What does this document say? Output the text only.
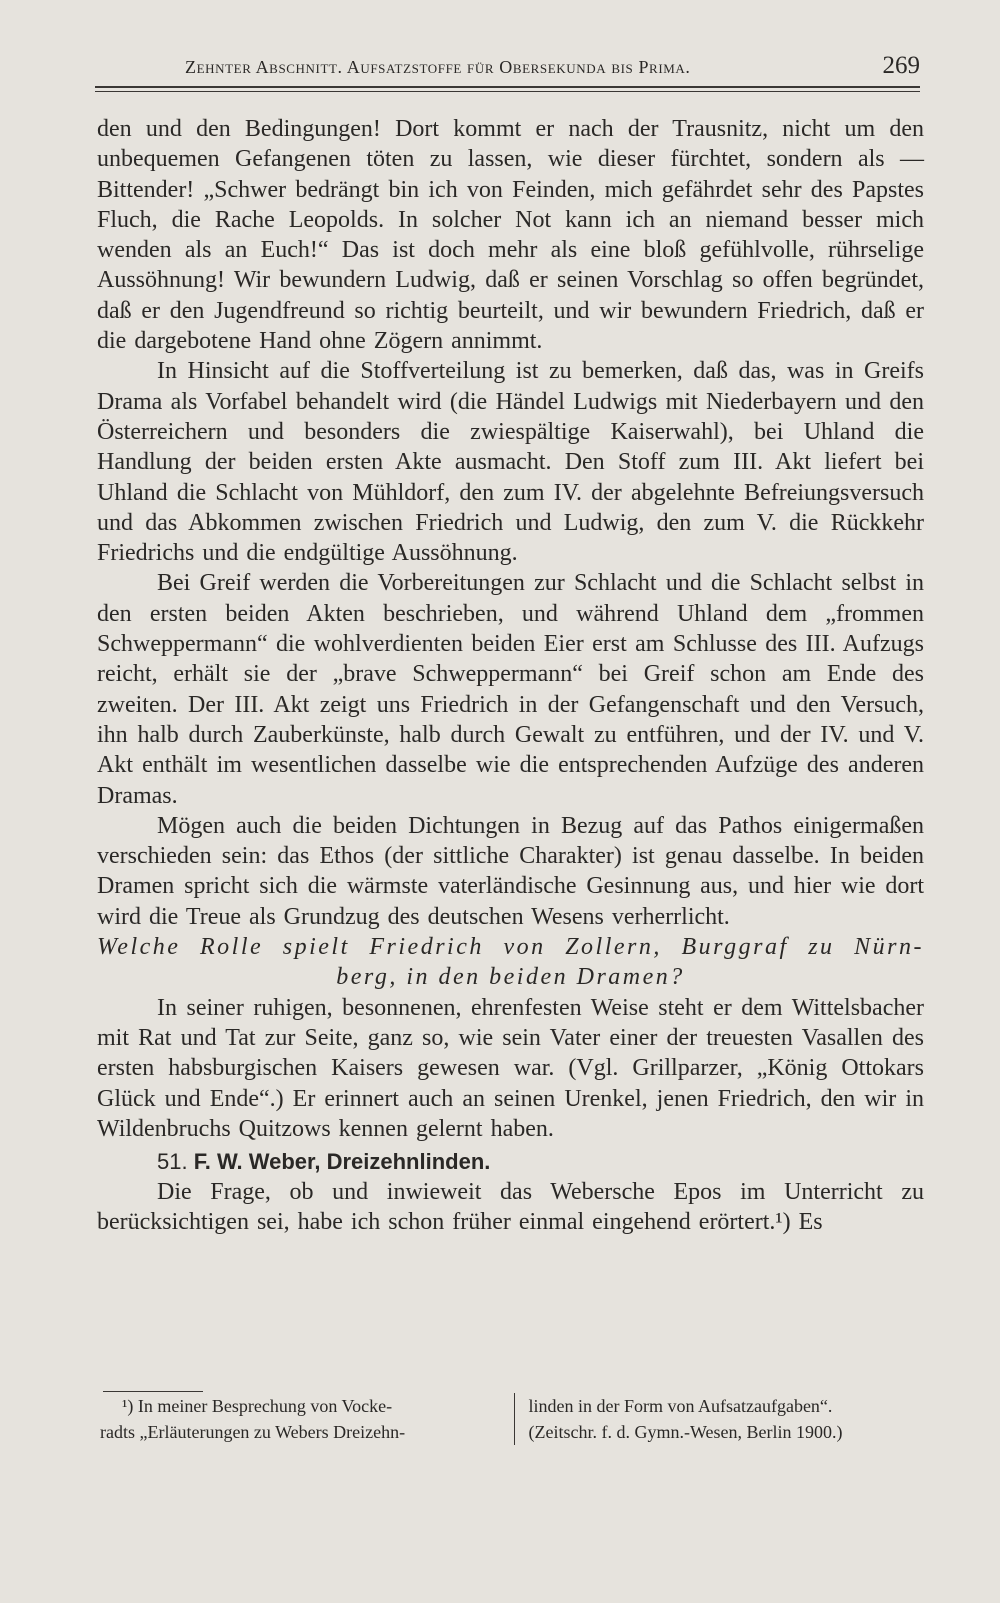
Zehnter Abschnitt. Aufsatzstoffe für Obersekunda bis Prima.	269

den und den Bedingungen! Dort kommt er nach der Trausnitz, nicht um den unbequemen Gefangenen töten zu lassen, wie dieser fürchtet, sondern als — Bittender! „Schwer bedrängt bin ich von Feinden, mich gefährdet sehr des Papstes Fluch, die Rache Leopolds. In solcher Not kann ich an niemand besser mich wenden als an Euch!“ Das ist doch mehr als eine bloß gefühlvolle, rührselige Aussöhnung! Wir bewundern Ludwig, daß er seinen Vorschlag so offen begründet, daß er den Jugendfreund so richtig beurteilt, und wir bewundern Friedrich, daß er die dargebotene Hand ohne Zögern annimmt.

In Hinsicht auf die Stoffverteilung ist zu bemerken, daß das, was in Greifs Drama als Vorfabel behandelt wird (die Händel Ludwigs mit Niederbayern und den Österreichern und besonders die zwiespältige Kaiserwahl), bei Uhland die Handlung der beiden ersten Akte ausmacht. Den Stoff zum III. Akt liefert bei Uhland die Schlacht von Mühldorf, den zum IV. der abgelehnte Befreiungsversuch und das Abkommen zwischen Friedrich und Ludwig, den zum V. die Rückkehr Friedrichs und die endgültige Aussöhnung.

Bei Greif werden die Vorbereitungen zur Schlacht und die Schlacht selbst in den ersten beiden Akten beschrieben, und während Uhland dem „frommen Schweppermann“ die wohlverdienten beiden Eier erst am Schlusse des III. Aufzugs reicht, erhält sie der „brave Schweppermann“ bei Greif schon am Ende des zweiten. Der III. Akt zeigt uns Friedrich in der Gefangenschaft und den Versuch, ihn halb durch Zauberkünste, halb durch Gewalt zu entführen, und der IV. und V. Akt enthält im wesentlichen dasselbe wie die entsprechenden Aufzüge des anderen Dramas.

Mögen auch die beiden Dichtungen in Bezug auf das Pathos einigermaßen verschieden sein: das Ethos (der sittliche Charakter) ist genau dasselbe. In beiden Dramen spricht sich die wärmste vaterländische Gesinnung aus, und hier wie dort wird die Treue als Grundzug des deutschen Wesens verherrlicht.

Welche Rolle spielt Friedrich von Zollern, Burggraf zu Nürn-
berg, in den beiden Dramen?

In seiner ruhigen, besonnenen, ehrenfesten Weise steht er dem Wittelsbacher mit Rat und Tat zur Seite, ganz so, wie sein Vater einer der treuesten Vasallen des ersten habsburgischen Kaisers gewesen war. (Vgl. Grillparzer, „König Ottokars Glück und Ende“.) Er erinnert auch an seinen Urenkel, jenen Friedrich, den wir in Wildenbruchs Quitzows kennen gelernt haben.

51. F. W. Weber, Dreizehnlinden.

Die Frage, ob und inwieweit das Webersche Epos im Unterricht zu berücksichtigen sei, habe ich schon früher einmal eingehend erörtert.¹) Es

¹) In meiner Besprechung von Vocke-
radts „Erläuterungen zu Webers Dreizehn-
linden in der Form von Aufsatzaufgaben“.
(Zeitschr. f. d. Gymn.-Wesen, Berlin 1900.)
